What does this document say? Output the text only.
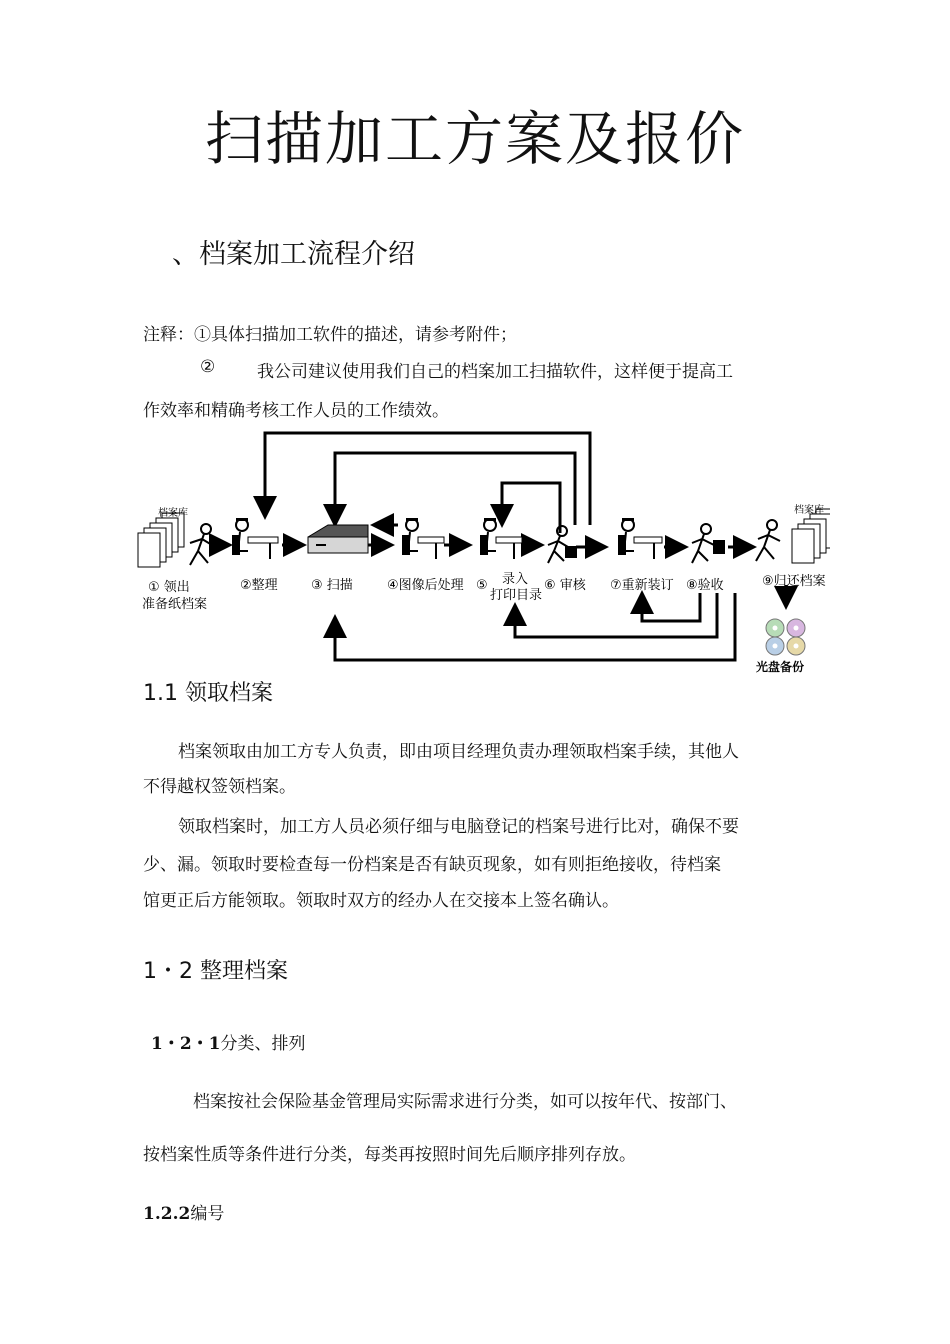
扫描加工方案及报价
、档案加工流程介绍
注释：①具体扫描加工软件的描述，请参考附件；
② 我公司建议使用我们自己的档案加工扫描软件，这样便于提高工
作效率和精确考核工作人员的工作绩效。
档案库	档案库
① 领出
准备纸档案
②整理	③ 扫描	④图像后处理 ⑤ 录入
打印目录
⑥ 审核 ⑦重新装订 ⑧验收	⑨归还档案
光盘备份
1.1 领取档案
档案领取由加工方专人负责，即由项目经理负责办理领取档案手续，其他人
不得越权签领档案。
领取档案时，加工方人员必须仔细与电脑登记的档案号进行比对，确保不要
少、漏。领取时要检查每一份档案是否有缺页现象，如有则拒绝接收，待档案
馆更正后方能领取。领取时双方的经办人在交接本上签名确认。
1・2 整理档案
1・2・1分类、排列
档案按社会保险基金管理局实际需求进行分类，如可以按年代、按部门、
按档案性质等条件进行分类，每类再按照时间先后顺序排列存放。
1.2.2编号
